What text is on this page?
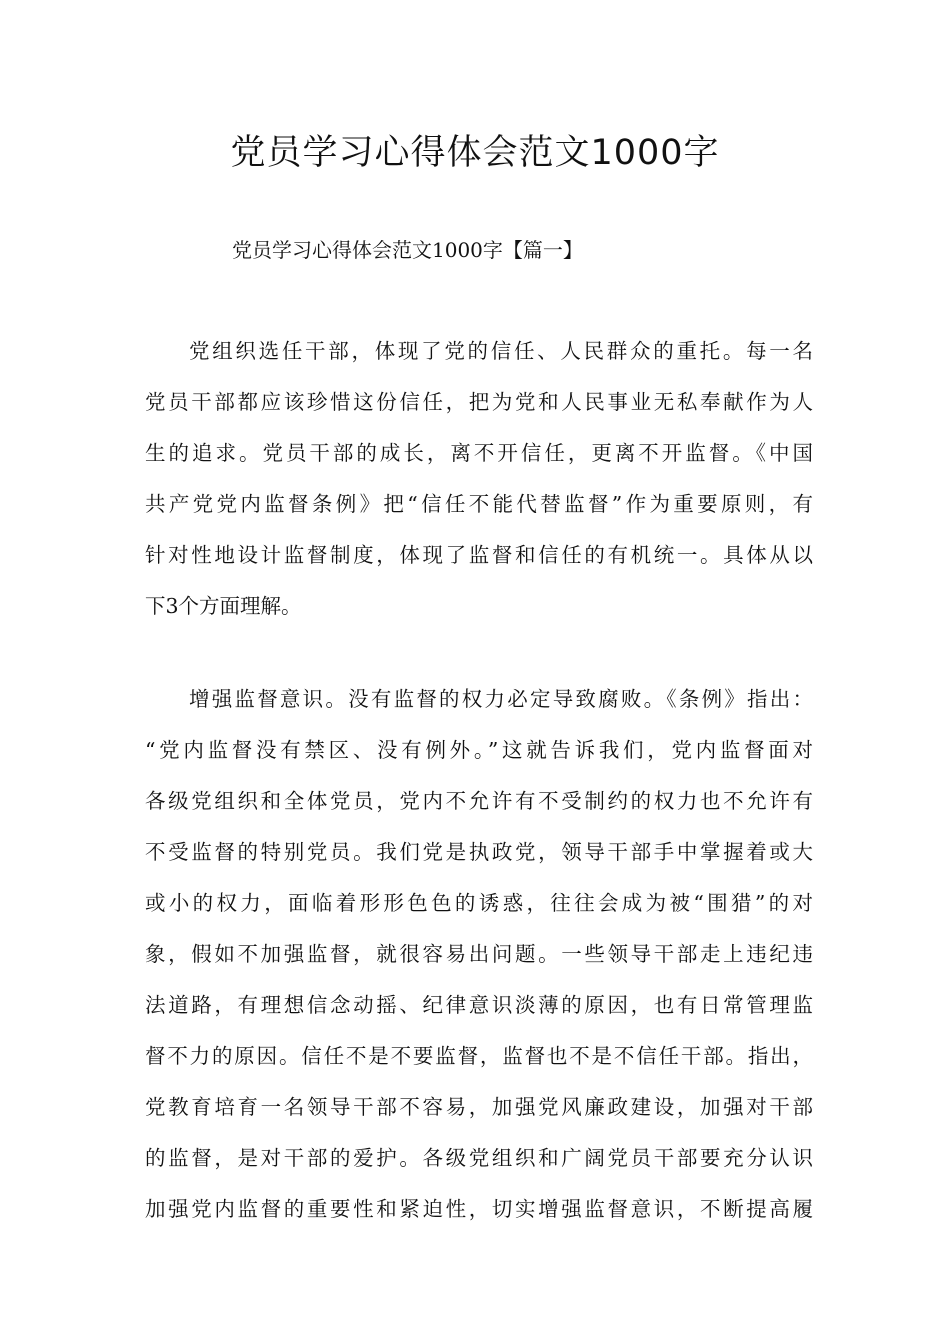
党员学习心得体会范文1000字
党员学习心得体会范文1000字【篇一】
党组织选任干部，体现了党的信任、人民群众的重托。每一名
党员干部都应该珍惜这份信任，把为党和人民事业无私奉献作为人
生的追求。党员干部的成长，离不开信任，更离不开监督。《中国
共产党党内监督条例》把“信任不能代替监督”作为重要原则，有
针对性地设计监督制度，体现了监督和信任的有机统一。具体从以
下3个方面理解。
增强监督意识。没有监督的权力必定导致腐败。《条例》指出：
“党内监督没有禁区、没有例外。”这就告诉我们，党内监督面对
各级党组织和全体党员，党内不允许有不受制约的权力也不允许有
不受监督的特别党员。我们党是执政党，领导干部手中掌握着或大
或小的权力，面临着形形色色的诱惑，往往会成为被“围猎”的对
象，假如不加强监督，就很容易出问题。一些领导干部走上违纪违
法道路，有理想信念动摇、纪律意识淡薄的原因，也有日常管理监
督不力的原因。信任不是不要监督，监督也不是不信任干部。指出，
党教育培育一名领导干部不容易，加强党风廉政建设，加强对干部
的监督，是对干部的爱护。各级党组织和广阔党员干部要充分认识
加强党内监督的重要性和紧迫性，切实增强监督意识，不断提高履
